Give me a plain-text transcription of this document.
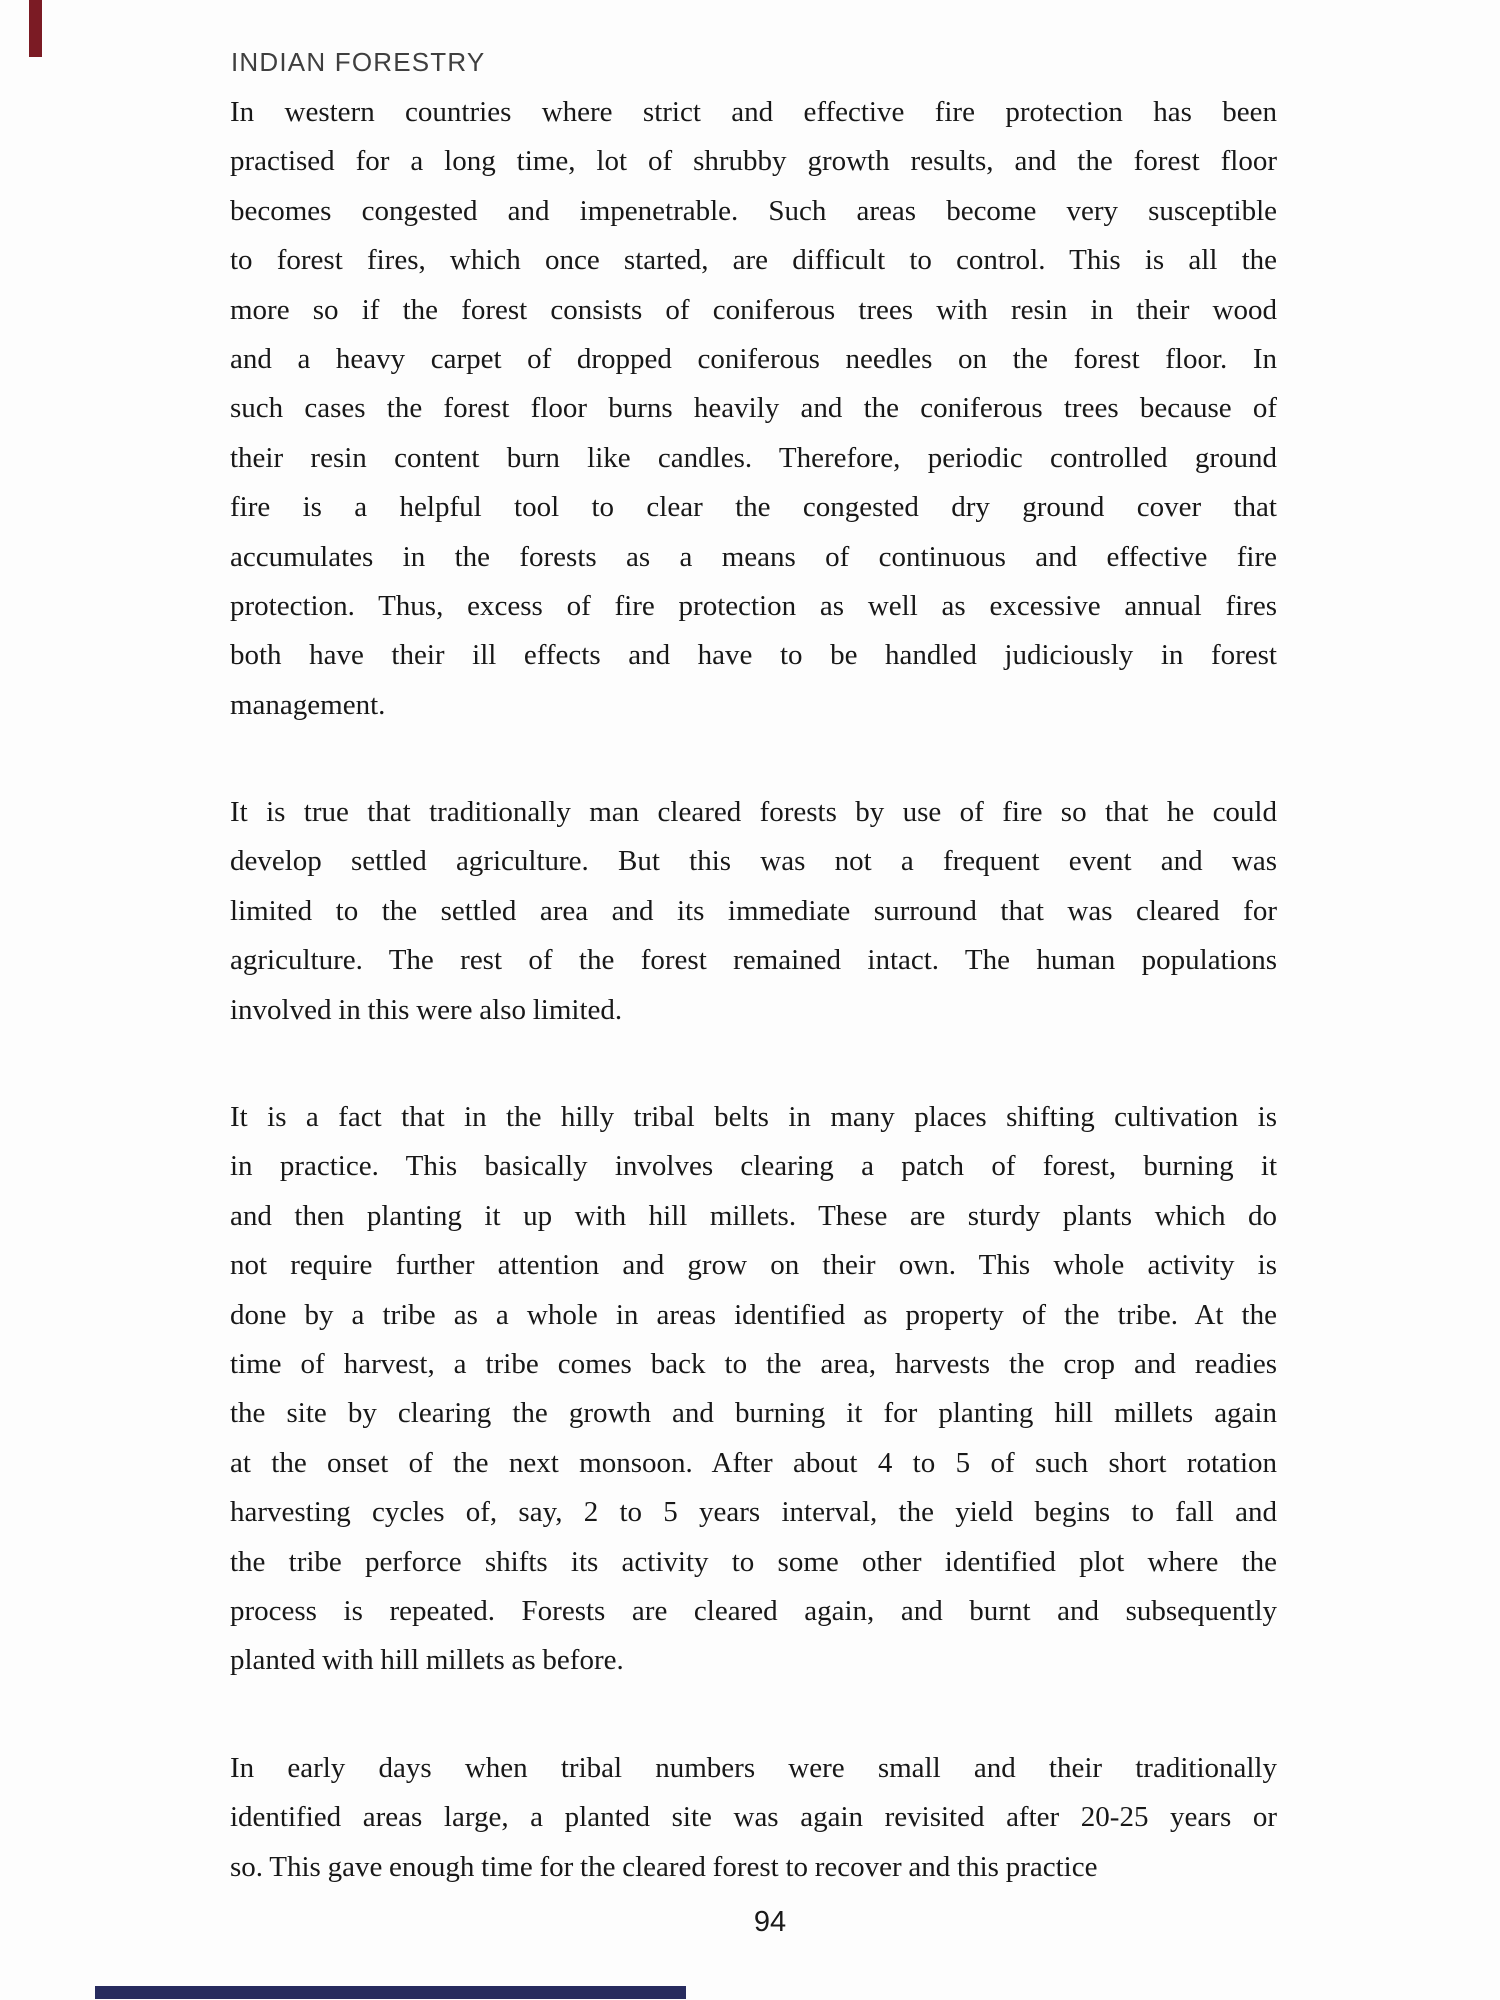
INDIAN FORESTRY
In western countries where strict and effective fire protection has been
practised for a long time, lot of shrubby growth results, and the forest floor
becomes congested and impenetrable. Such areas become very susceptible
to forest fires, which once started, are difficult to control. This is all the
more so if the forest consists of coniferous trees with resin in their wood
and a heavy carpet of dropped coniferous needles on the forest floor. In
such cases the forest floor burns heavily and the coniferous trees because of
their resin content burn like candles. Therefore, periodic controlled ground
fire is a helpful tool to clear the congested dry ground cover that
accumulates in the forests as a means of continuous and effective fire
protection. Thus, excess of fire protection as well as excessive annual fires
both have their ill effects and have to be handled judiciously in forest
management.
It is true that traditionally man cleared forests by use of fire so that he could
develop settled agriculture. But this was not a frequent event and was
limited to the settled area and its immediate surround that was cleared for
agriculture. The rest of the forest remained intact. The human populations
involved in this were also limited.
It is a fact that in the hilly tribal belts in many places shifting cultivation is
in practice. This basically involves clearing a patch of forest, burning it
and then planting it up with hill millets. These are sturdy plants which do
not require further attention and grow on their own. This whole activity is
done by a tribe as a whole in areas identified as property of the tribe. At the
time of harvest, a tribe comes back to the area, harvests the crop and readies
the site by clearing the growth and burning it for planting hill millets again
at the onset of the next monsoon. After about 4 to 5 of such short rotation
harvesting cycles of, say, 2 to 5 years interval, the yield begins to fall and
the tribe perforce shifts its activity to some other identified plot where the
process is repeated. Forests are cleared again, and burnt and subsequently
planted with hill millets as before.
In early days when tribal numbers were small and their traditionally
identified areas large, a planted site was again revisited after 20-25 years or
so. This gave enough time for the cleared forest to recover and this practice
94
